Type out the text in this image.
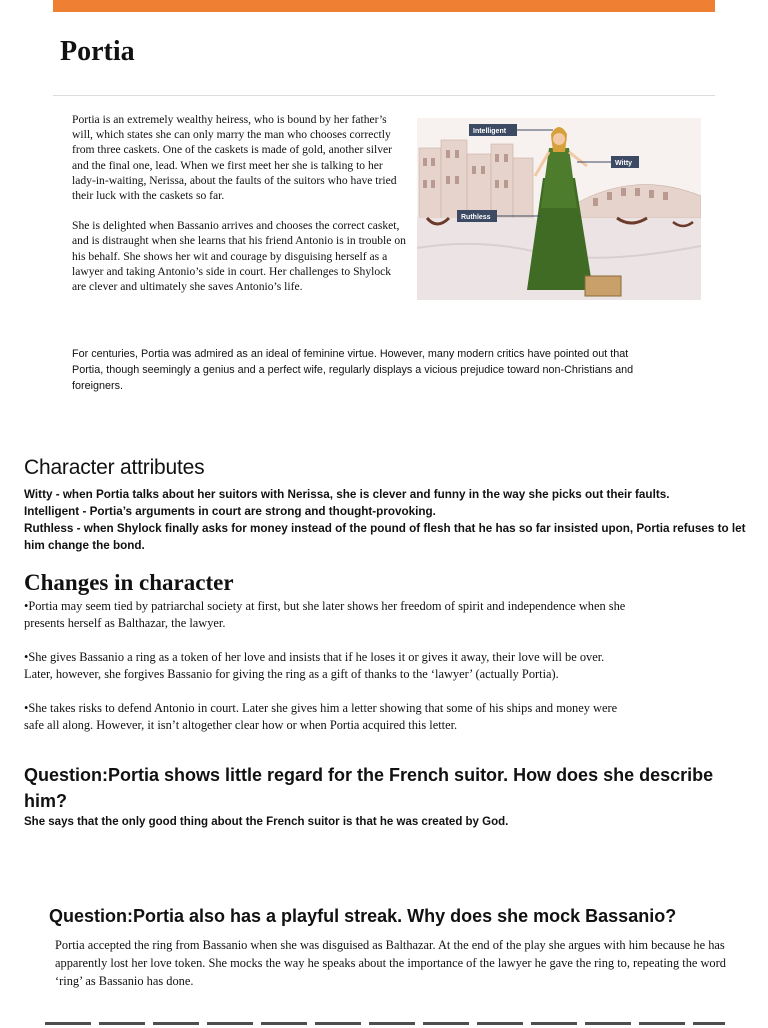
Portia

Portia is an extremely wealthy heiress, who is bound by her father’s will, which states she can only marry the man who chooses correctly from three caskets. One of the caskets is made of gold, another silver and the final one, lead. When we first meet her she is talking to her lady-in-waiting, Nerissa, about the faults of the suitors who have tried their luck with the caskets so far.

She is delighted when Bassanio arrives and chooses the correct casket, and is distraught when she learns that his friend Antonio is in trouble on his behalf. She shows her wit and courage by disguising herself as a lawyer and taking Antonio’s side in court. Her challenges to Shylock are clever and ultimately she saves Antonio’s life.

Intelligent
Witty
Ruthless
For centuries, Portia was admired as an ideal of feminine virtue. However, many modern critics have pointed out that Portia, though seemingly a genius and a perfect wife, regularly displays a vicious prejudice toward non-Christians and foreigners.
Character attributes
Witty - when Portia talks about her suitors with Nerissa, she is clever and funny in the way she picks out their faults.
Intelligent - Portia’s arguments in court are strong and thought-provoking.
Ruthless - when Shylock finally asks for money instead of the pound of flesh that he has so far insisted upon, Portia refuses to let him change the bond.
Changes in character

•Portia may seem tied by patriarchal society at first, but she later shows her freedom of spirit and independence when she presents herself as Balthazar, the lawyer.

•She gives Bassanio a ring as a token of her love and insists that if he loses it or gives it away, their love will be over. Later, however, she forgives Bassanio for giving the ring as a gift of thanks to the ‘lawyer’ (actually Portia).

•She takes risks to defend Antonio in court. Later she gives him a letter showing that some of his ships and money were safe all along. However, it isn’t altogether clear how or when Portia acquired this letter.

Question:Portia shows little regard for the French suitor. How does she describe him?
She says that the only good thing about the French suitor is that he was created by God.
Question:Portia also has a playful streak. Why does she mock Bassanio?
Portia accepted the ring from Bassanio when she was disguised as Balthazar. At the end of the play she argues with him because he has apparently lost her love token. She mocks the way he speaks about the importance of the lawyer he gave the ring to, repeating the word ‘ring’ as Bassanio has done.
